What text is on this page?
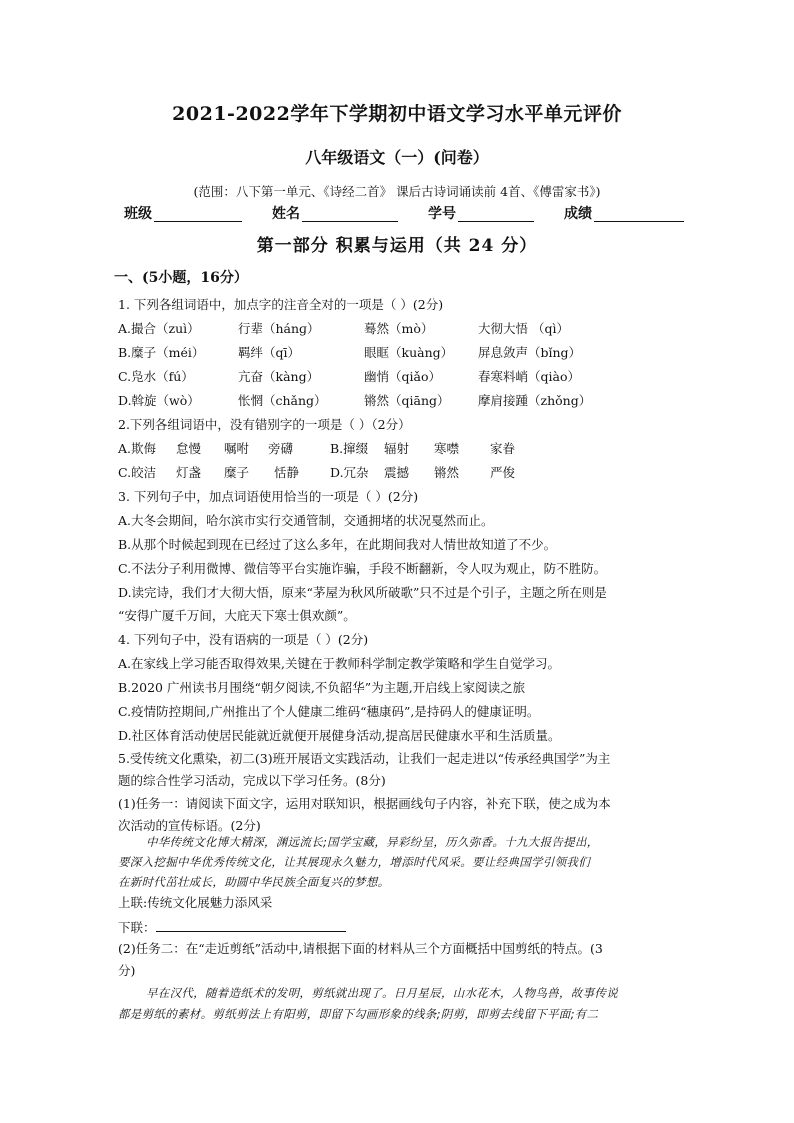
2021-2022学年下学期初中语文学习水平单元评价
八年级语文（一）(问卷）
(范围：八下第一单元、《诗经二首》 课后古诗词诵读前 4首、《傅雷家书》)
班级	姓名	学号	成绩
第一部分 积累与运用（共 24 分）
一、(5小题，16分）
1. 下列各组词语中，加点字的注音全对的一项是（ ）(2分)
A.撮合（zuì）	行辈（hánɡ）	蓦然（mò）	大彻大悟 （qì）
B.糜子（méi）	羁绊（qī）	眼眶（kuàng） 屏息敛声（bǐng）
C.凫水（fú）	亢奋（kàng）	幽悄（qiǎo）	春寒料峭（qiào）
D.斡旋（wò）	怅惘（chǎng）	锵然（qiāng） 摩肩接踵（zhǒng）
2.下列各组词语中，没有错别字的一项是（ ）（2分）
A.欺侮 怠慢 嘱咐 旁礴	B.撺缀 辐射 寒噤 家眷
C.皎洁 灯盏 糜子 恬静 D.冗杂 震撼 锵然 严俊
3. 下列句子中，加点词语使用恰当的一项是（ ）(2分)
A.大冬会期间，哈尔滨市实行交通管制，交通拥堵的状况戛然而止。
B.从那个时候起到现在已经过了这么多年，在此期间我对人情世故知道了不少。
C.不法分子利用微博、微信等平台实施诈骗，手段不断翻新，令人叹为观止，防不胜防。
D.读完诗，我们才大彻大悟，原来“茅屋为秋风所破歌”只不过是个引子，主题之所在则是
“安得广厦千万间，大庇天下寒士俱欢颜”。
4. 下列句子中，没有语病的一项是（ ）(2分)
A.在家线上学习能否取得效果,关键在于教师科学制定教学策略和学生自觉学习。
B.2020 广州读书月围绕“朝夕阅读,不负韶华”为主题,开启线上家阅读之旅
C.疫情防控期间,广州推出了个人健康二维码“穗康码”,是持码人的健康证明。
D.社区体育活动使居民能就近就便开展健身活动,提高居民健康水平和生活质量。
5.受传统文化熏染，初二(3)班开展语文实践活动，让我们一起走进以“传承经典国学”为主
题的综合性学习活动，完成以下学习任务。(8分)
(1)任务一：请阅读下面文字，运用对联知识，根据画线句子内容，补充下联，使之成为本
次活动的宣传标语。(2分)
中华传统文化博大精深，渊远流长;国学宝藏，异彩纷呈，历久弥香。十九大报告提出，
要深入挖掘中华优秀传统文化，让其展现永久魅力，增添时代风采。要让经典国学引领我们
在新时代茁壮成长，助圆中华民族全面复兴的梦想。
上联:传统文化展魅力添风采
下联：
(2)任务二：在“走近剪纸”活动中,请根据下面的材料从三个方面概括中国剪纸的特点。(3
分)
早在汉代，随着造纸术的发明，剪纸就出现了。日月星辰，山水花木，人物鸟兽，故事传说
都是剪纸的素材。剪纸剪法上有阳剪，即留下勾画形象的线条;阴剪，即剪去线留下平面;有二
